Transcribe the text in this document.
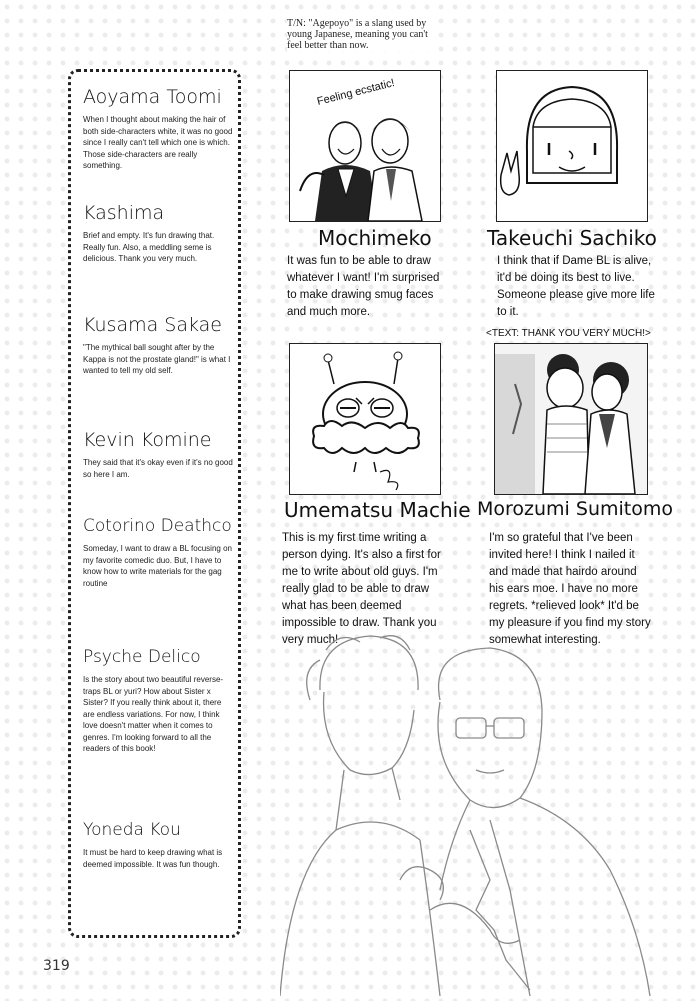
T/N: "Agepoyo" is a slang used by young Japanese, meaning you can't feel better than now.
Aoyama Toomi
When I thought about making the hair of both side-characters white, it was no good since I really can't tell which one is which. Those side-characters are really something.
Kashima
Brief and empty. It's fun drawing that. Really fun. Also, a meddling seme is delicious. Thank you very much.
Kusama Sakae
"The mythical ball sought after by the Kappa is not the prostate gland!" is what I wanted to tell my old self.
Kevin Komine
They said that it's okay even if it's no good so here I am.
Cotorino Deathco
Someday, I want to draw a BL focusing on my favorite comedic duo. But, I have to know how to write materials for the gag routine
Psyche Delico
Is the story about two beautiful reverse-traps BL or yuri? How about Sister x Sister? If you really think about it, there are endless variations. For now, I think love doesn't matter when it comes to genres. I'm looking forward to all the readers of this book!
Yoneda Kou
It must be hard to keep drawing what is deemed impossible. It was fun though.
Feeling ecstatic!
Mochimeko
It was fun to be able to draw whatever I want! I'm surprised to make drawing smug faces and much more.
Takeuchi Sachiko
I think that if Dame BL is alive, it'd be doing its best to live. Someone please give more life to it.
Umematsu Machie
This is my first time writing a person dying. It's also a first for me to write about old guys. I'm really glad to be able to draw what has been deemed impossible to draw. Thank you very much!
<TEXT: THANK YOU VERY MUCH!>
Morozumi Sumitomo
I'm so grateful that I've been invited here! I think I nailed it and made that hairdo around his ears moe. I have no more regrets. *relieved look* It'd be my pleasure if you find my story somewhat interesting.
319
